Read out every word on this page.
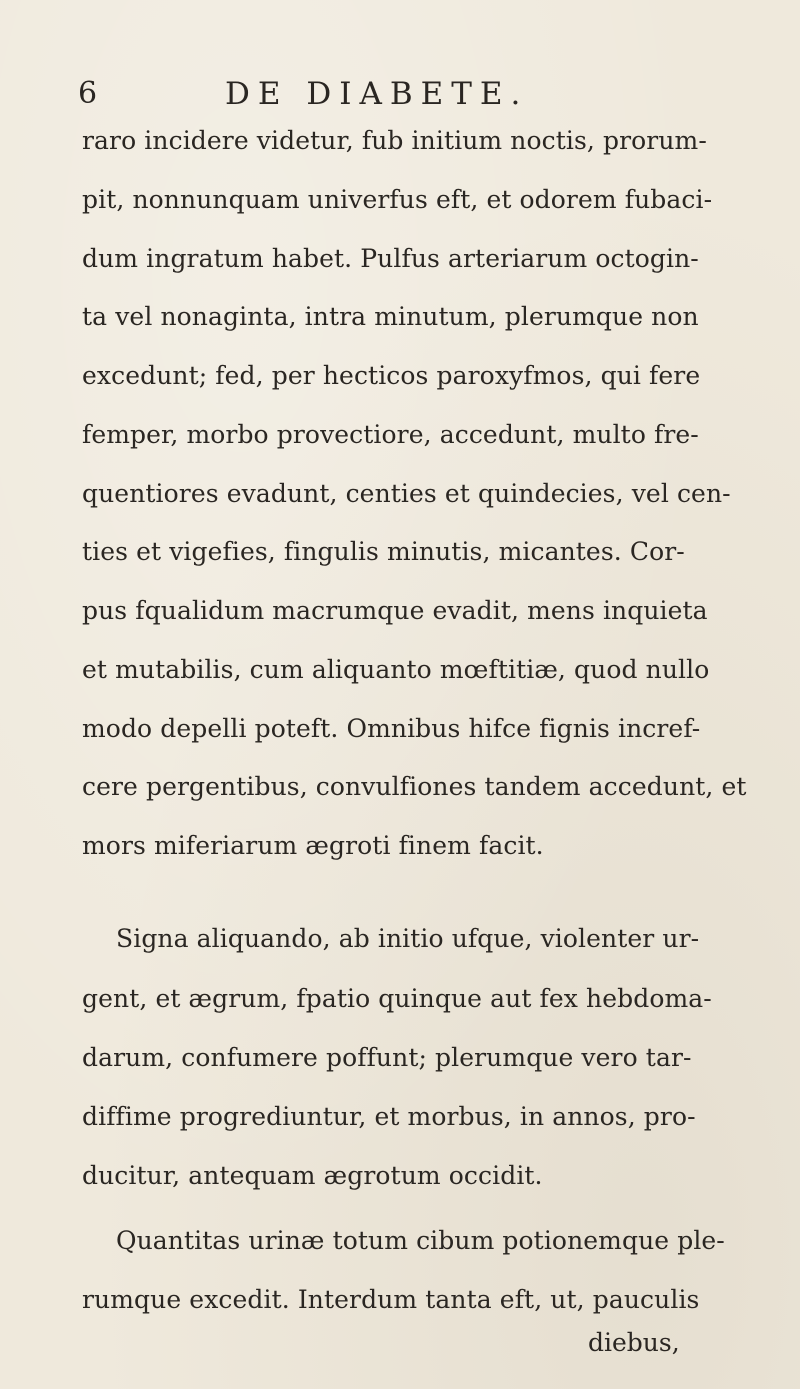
6	DE DIABETE.
raro incidere videtur, fub initium noctis, prorum-
pit, nonnunquam univerfus eft, et odorem fubaci-
dum ingratum habet. Pulfus arteriarum octogin-
ta vel nonaginta, intra minutum, plerumque non
excedunt; fed, per hecticos paroxyfmos, qui fere
femper, morbo provectiore, accedunt, multo fre-
quentiores evadunt, centies et quindecies, vel cen-
ties et vigefies, fingulis minutis, micantes. Cor-
pus fqualidum macrumque evadit, mens inquieta
et mutabilis, cum aliquanto mœftitiæ, quod nullo
modo depelli poteft. Omnibus hifce fignis incref-
cere pergentibus, convulfiones tandem accedunt, et
mors miferiarum ægroti finem facit.
Signa aliquando, ab initio ufque, violenter ur-
gent, et ægrum, fpatio quinque aut fex hebdoma-
darum, confumere poffunt; plerumque vero tar-
diffime progrediuntur, et morbus, in annos, pro-
ducitur, antequam ægrotum occidit.
Quantitas urinæ totum cibum potionemque ple-
rumque excedit. Interdum tanta eft, ut, pauculis
diebus,
